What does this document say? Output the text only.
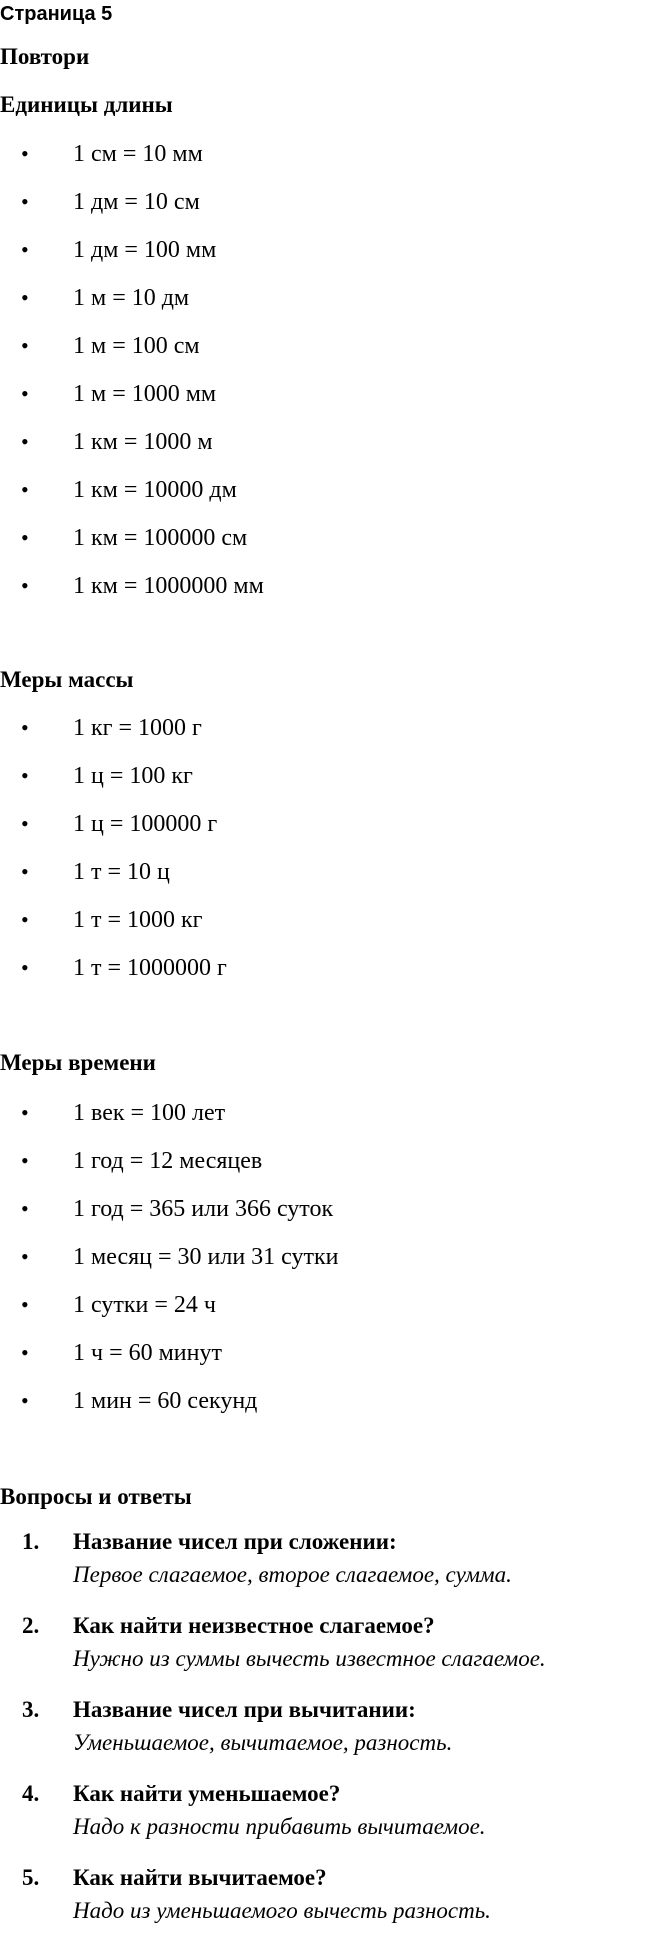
Страница 5
Повтори
Единицы длины
• 1 см = 10 мм
• 1 дм = 10 см
• 1 дм = 100 мм
• 1 м = 10 дм
• 1 м = 100 см
• 1 м = 1000 мм
• 1 км = 1000 м
• 1 км = 10000 дм
• 1 км = 100000 см
• 1 км = 1000000 мм
Меры массы
• 1 кг = 1000 г
• 1 ц = 100 кг
• 1 ц = 100000 г
• 1 т = 10 ц
• 1 т = 1000 кг
• 1 т = 1000000 г
Меры времени
• 1 век = 100 лет
• 1 год = 12 месяцев
• 1 год = 365 или 366 суток
• 1 месяц = 30 или 31 сутки
• 1 сутки = 24 ч
• 1 ч = 60 минут
• 1 мин = 60 секунд
Вопросы и ответы
1. Название чисел при сложении:
Первое слагаемое, второе слагаемое, сумма.
2. Как найти неизвестное слагаемое?
Нужно из суммы вычесть известное слагаемое.
3. Название чисел при вычитании:
Уменьшаемое, вычитаемое, разность.
4. Как найти уменьшаемое?
Надо к разности прибавить вычитаемое.
5. Как найти вычитаемое?
Надо из уменьшаемого вычесть разность.
